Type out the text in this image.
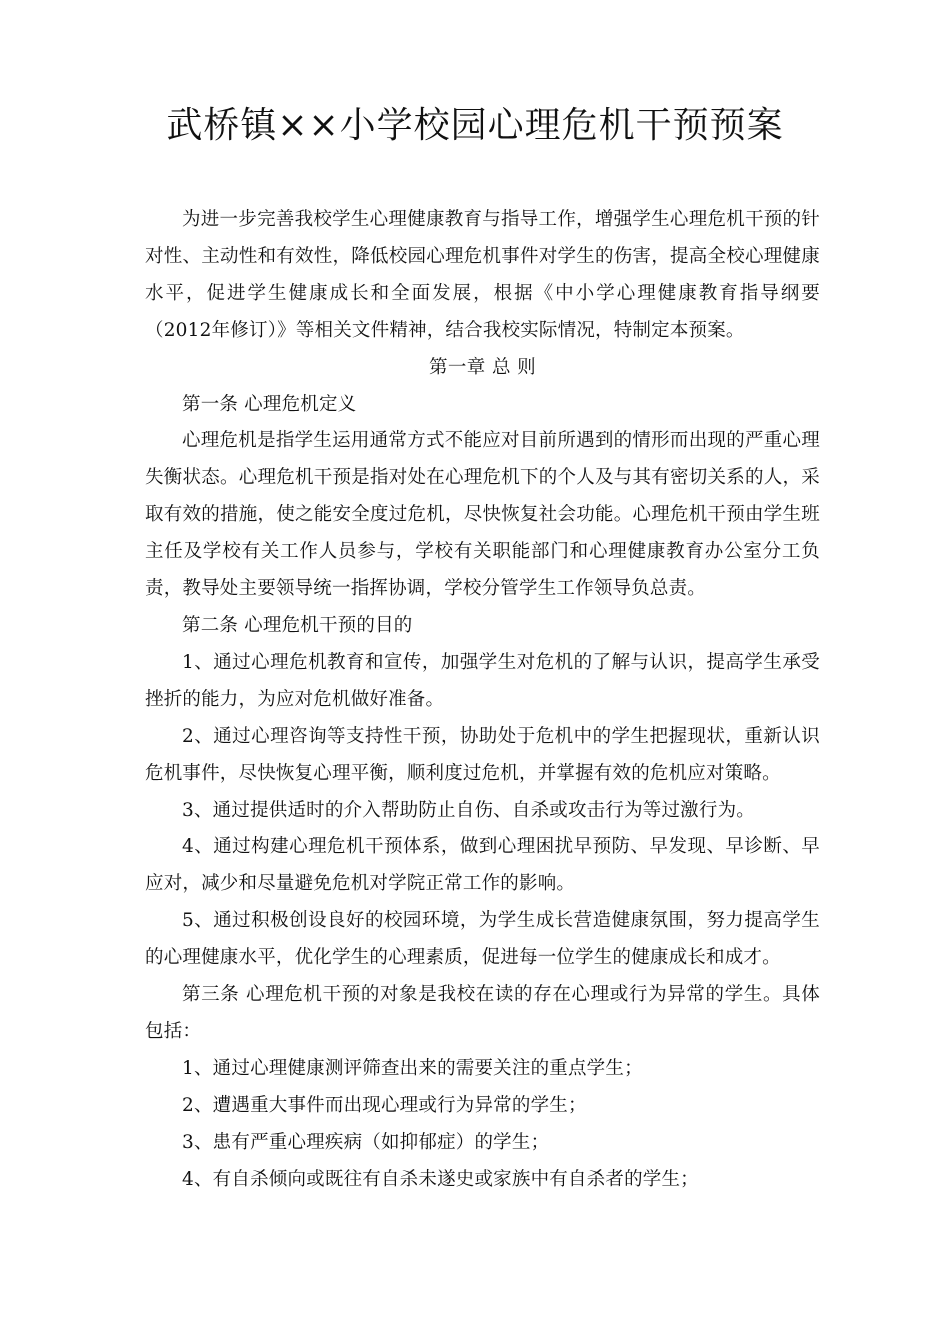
武桥镇××小学校园心理危机干预预案

为进一步完善我校学生心理健康教育与指导工作，增强学生心理危机干预的针对性、主动性和有效性，降低校园心理危机事件对学生的伤害，提高全校心理健康水平，促进学生健康成长和全面发展，根据《中小学心理健康教育指导纲要（2012年修订）》等相关文件精神，结合我校实际情况，特制定本预案。

第一章 总 则

第一条 心理危机定义

心理危机是指学生运用通常方式不能应对目前所遇到的情形而出现的严重心理失衡状态。心理危机干预是指对处在心理危机下的个人及与其有密切关系的人，采取有效的措施，使之能安全度过危机，尽快恢复社会功能。心理危机干预由学生班主任及学校有关工作人员参与，学校有关职能部门和心理健康教育办公室分工负责，教导处主要领导统一指挥协调，学校分管学生工作领导负总责。

第二条 心理危机干预的目的

1、通过心理危机教育和宣传，加强学生对危机的了解与认识，提高学生承受挫折的能力，为应对危机做好准备。

2、通过心理咨询等支持性干预，协助处于危机中的学生把握现状，重新认识危机事件，尽快恢复心理平衡，顺利度过危机，并掌握有效的危机应对策略。

3、通过提供适时的介入帮助防止自伤、自杀或攻击行为等过激行为。

4、通过构建心理危机干预体系，做到心理困扰早预防、早发现、早诊断、早应对，减少和尽量避免危机对学院正常工作的影响。

5、通过积极创设良好的校园环境，为学生成长营造健康氛围，努力提高学生的心理健康水平，优化学生的心理素质，促进每一位学生的健康成长和成才。

第三条 心理危机干预的对象是我校在读的存在心理或行为异常的学生。具体包括：

1、通过心理健康测评筛查出来的需要关注的重点学生；

2、遭遇重大事件而出现心理或行为异常的学生；

3、患有严重心理疾病（如抑郁症）的学生；

4、有自杀倾向或既往有自杀未遂史或家族中有自杀者的学生；
